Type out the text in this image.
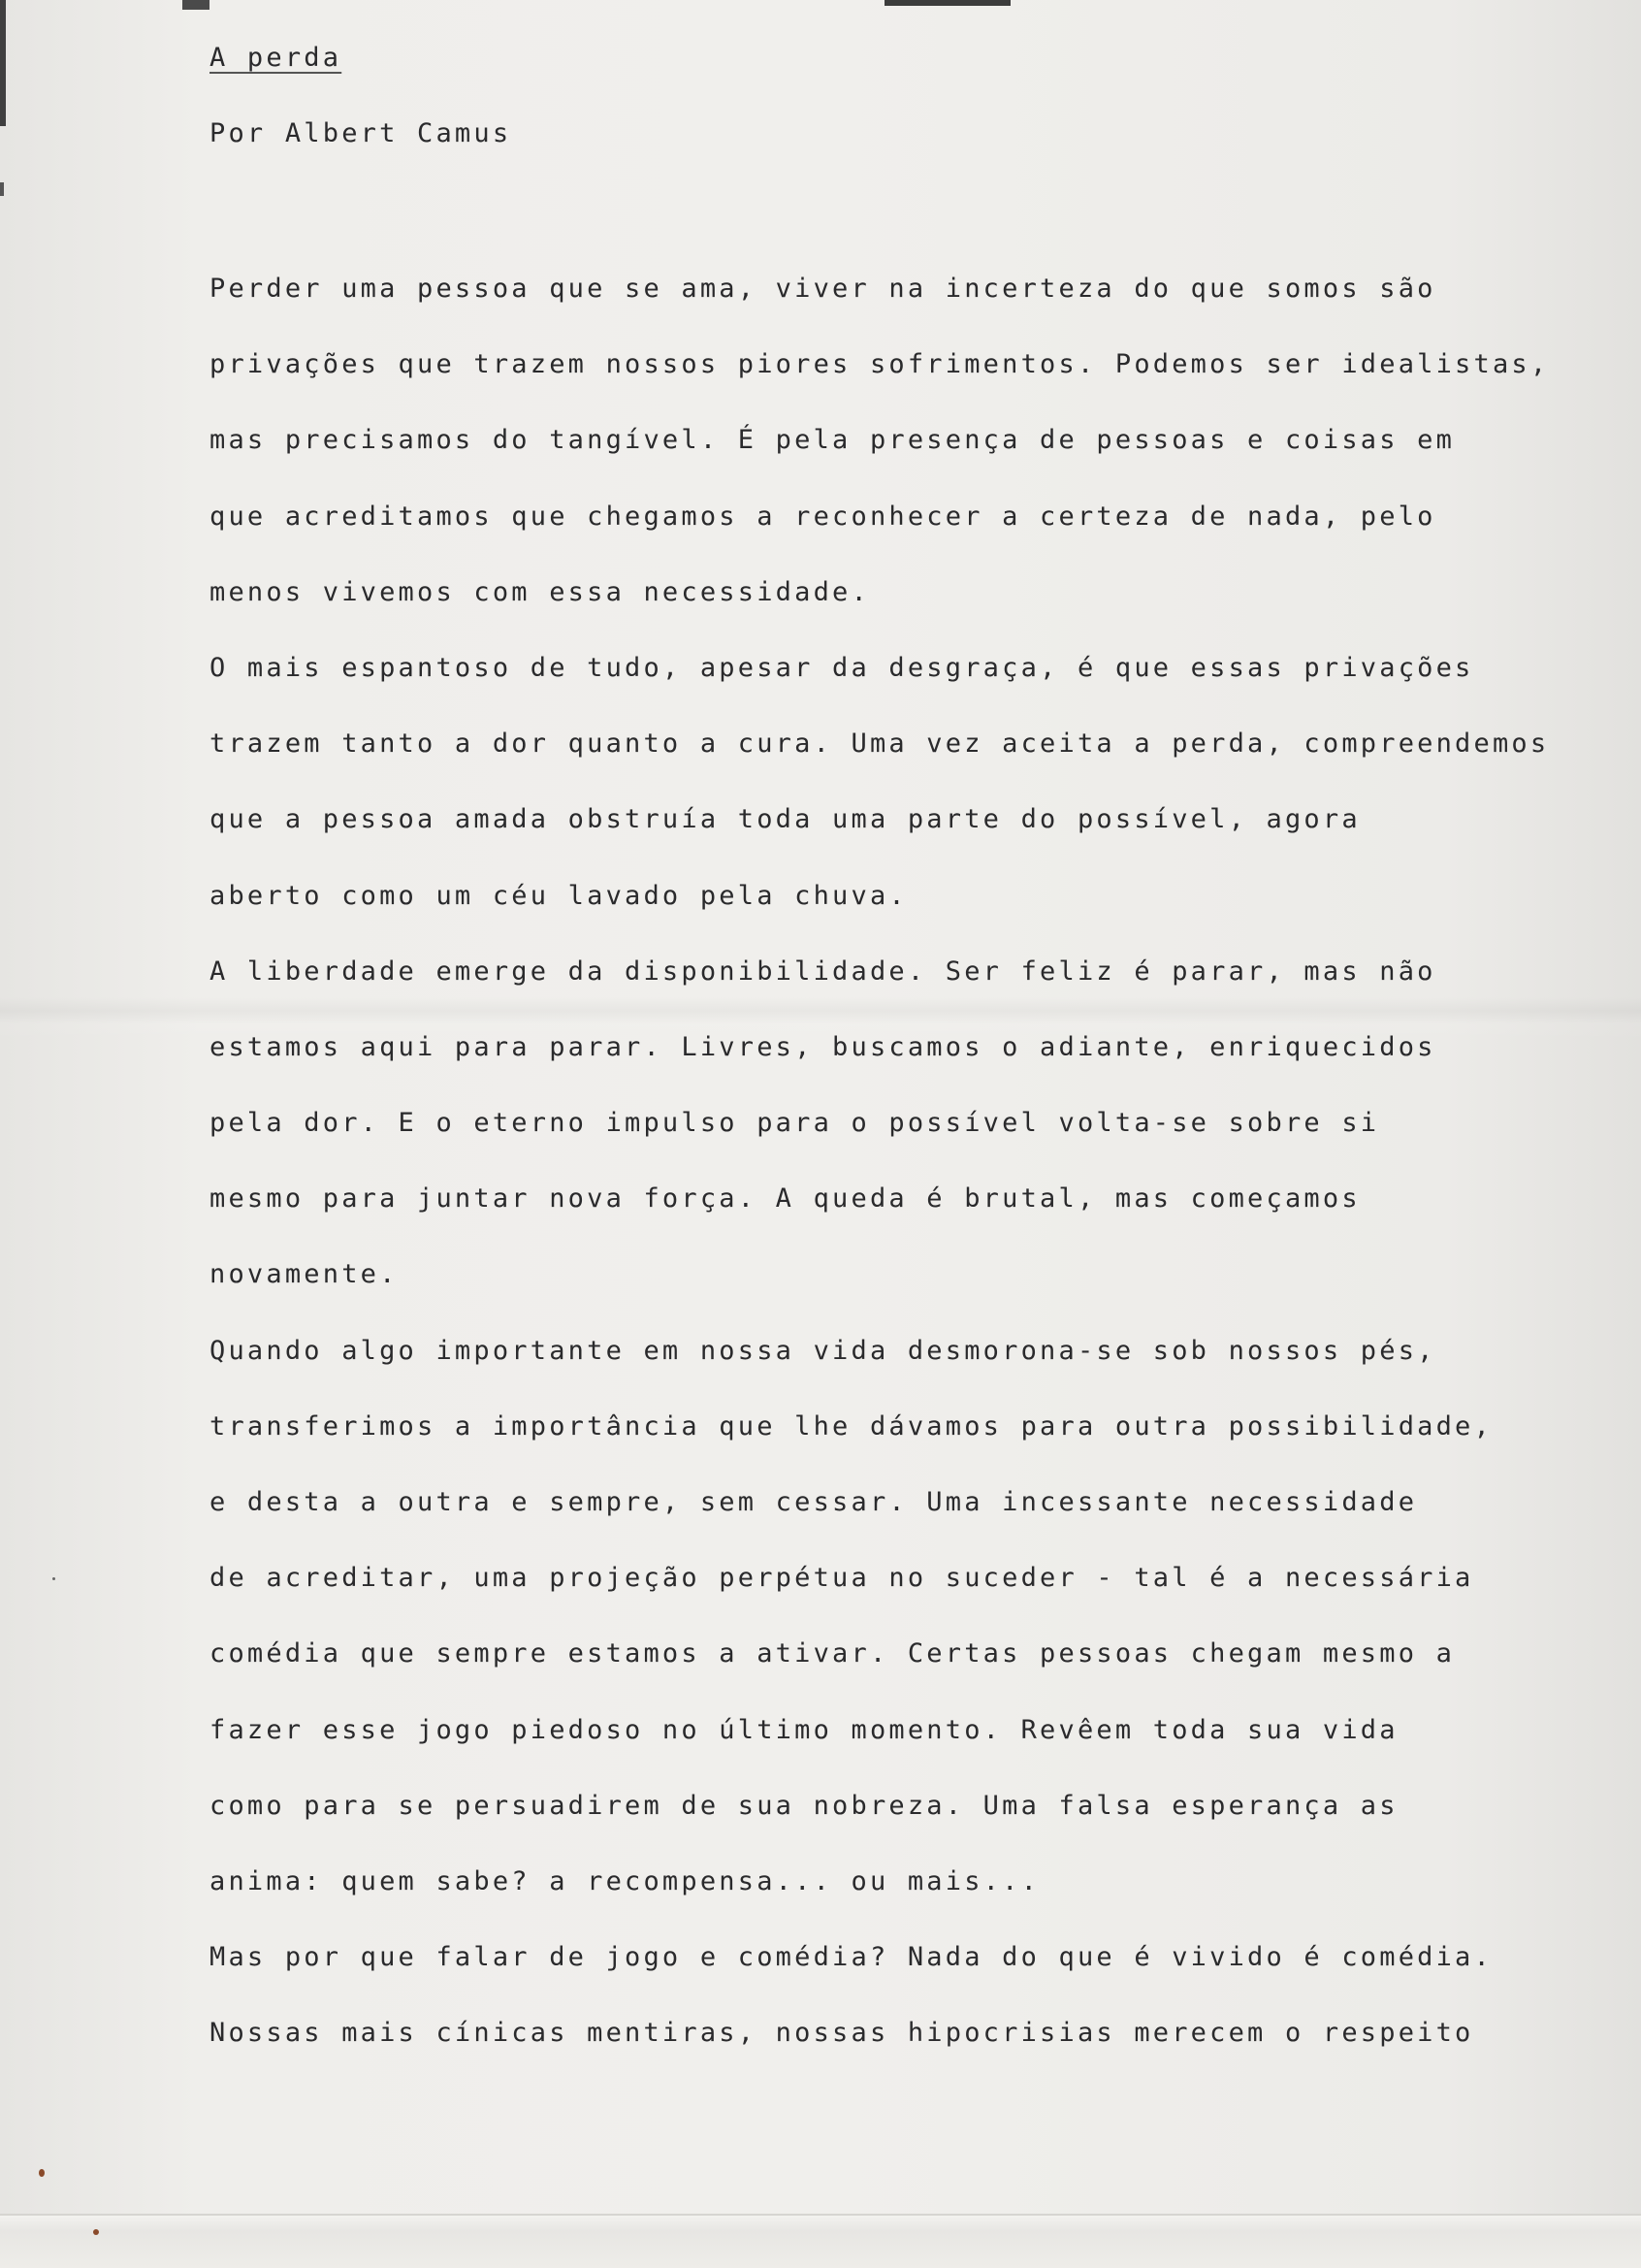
A perda
Por Albert Camus
Perder uma pessoa que se ama, viver na incerteza do que somos são
privações que trazem nossos piores sofrimentos. Podemos ser idealistas,
mas precisamos do tangível. É pela presença de pessoas e coisas em
que acreditamos que chegamos a reconhecer a certeza de nada, pelo
menos vivemos com essa necessidade.
O mais espantoso de tudo, apesar da desgraça, é que essas privações
trazem tanto a dor quanto a cura. Uma vez aceita a perda, compreendemos
que a pessoa amada obstruía toda uma parte do possível, agora
aberto como um céu lavado pela chuva.
A liberdade emerge da disponibilidade. Ser feliz é parar, mas não
estamos aqui para parar. Livres, buscamos o adiante, enriquecidos
pela dor. E o eterno impulso para o possível volta-se sobre si
mesmo para juntar nova força. A queda é brutal, mas começamos
novamente.
Quando algo importante em nossa vida desmorona-se sob nossos pés,
transferimos a importância que lhe dávamos para outra possibilidade,
e desta a outra e sempre, sem cessar. Uma incessante necessidade
de acreditar, uma projeção perpétua no suceder - tal é a necessária
comédia que sempre estamos a ativar. Certas pessoas chegam mesmo a
fazer esse jogo piedoso no último momento. Revêem toda sua vida
como para se persuadirem de sua nobreza. Uma falsa esperança as
anima: quem sabe? a recompensa... ou mais...
Mas por que falar de jogo e comédia? Nada do que é vivido é comédia.
Nossas mais cínicas mentiras, nossas hipocrisias merecem o respeito
